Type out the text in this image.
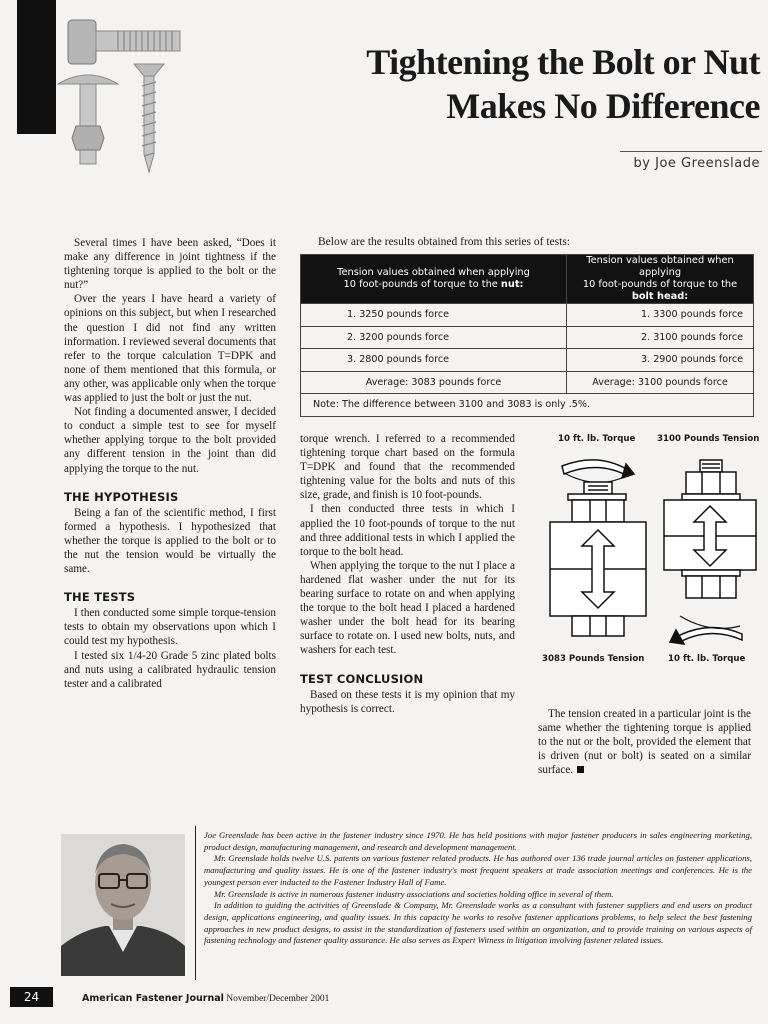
Tightening the Bolt or Nut
Makes No Difference
by Joe Greenslade

Several times I have been asked, “Does it make any difference in joint tightness if the tightening torque is applied to the bolt or the nut?”

Over the years I have heard a variety of opinions on this subject, but when I researched the question I did not find any written information. I reviewed several documents that refer to the torque calculation T=DPK and none of them mentioned that this formula, or any other, was applicable only when the torque was applied to just the bolt or just the nut.

Not finding a documented answer, I decided to conduct a simple test to see for myself whether applying torque to the bolt provided any different tension in the joint than did applying the torque to the nut.

THE HYPOTHESIS

Being a fan of the scientific method, I first formed a hypothesis. I hypothesized that whether the torque is applied to the bolt or to the nut the tension would be virtually the same.

THE TESTS

I then conducted some simple torque-tension tests to obtain my observations upon which I could test my hypothesis.

I tested six 1/4-20 Grade 5 zinc plated bolts and nuts using a calibrated hydraulic tension tester and a calibrated

Below are the results obtained from this series of tests:
Tension values obtained when applying
10 foot-pounds of torque to the nut:	Tension values obtained when applying
10 foot-pounds of torque to the bolt head:
1. 3250 pounds force	1. 3300 pounds force
2. 3200 pounds force	2. 3100 pounds force
3. 2800 pounds force	3. 2900 pounds force
Average: 3083 pounds force	Average: 3100 pounds force
Note: The difference between 3100 and 3083 is only .5%.	

torque wrench. I referred to a recommended tightening torque chart based on the formula T=DPK and found that the recommended tightening value for the bolts and nuts of this size, grade, and finish is 10 foot-pounds.

I then conducted three tests in which I applied the 10 foot-pounds of torque to the nut and three additional tests in which I applied the torque to the bolt head.

When applying the torque to the nut I place a hardened flat washer under the nut for its bearing surface to rotate on and when applying the torque to the bolt head I placed a hardened washer under the bolt head for its bearing surface to rotate on. I used new bolts, nuts, and washers for each test.

TEST CONCLUSION

Based on these tests it is my opinion that my hypothesis is correct.

10 ft. lb. Torque	3100 Pounds Tension
3083 Pounds Tension	10 ft. lb. Torque

The tension created in a particular joint is the same whether the tightening torque is applied to the nut or the bolt, provided the element that is driven (nut or bolt) is seated on a similar surface.

Joe Greenslade has been active in the fastener industry since 1970. He has held positions with major fastener producers in sales engineering marketing, product design, manufacturing management, and research and development management.

Mr. Greenslade holds twelve U.S. patents on various fastener related products. He has authored over 136 trade journal articles on fastener applications, manufacturing and quality issues. He is one of the fastener industry's most frequent speakers at trade association meetings and conferences. He is the youngest person ever inducted to the Fastener Industry Hall of Fame.

Mr. Greenslade is active in numerous fastener industry associations and societies holding office in several of them.

In addition to guiding the activities of Greenslade & Company, Mr. Greenslade works as a consultant with fastener suppliers and end users on product design, applications engineering, and quality issues. In this capacity he works to resolve fastener applications problems, to help select the best fastening approaches in new product designs, to assist in the standardization of fasteners used within an organization, and to provide training on various aspects of fastening technology and fastener quality assurance. He also serves as Expert Witness in litigation involving fastener related issues.

24	American Fastener Journal November/December 2001
